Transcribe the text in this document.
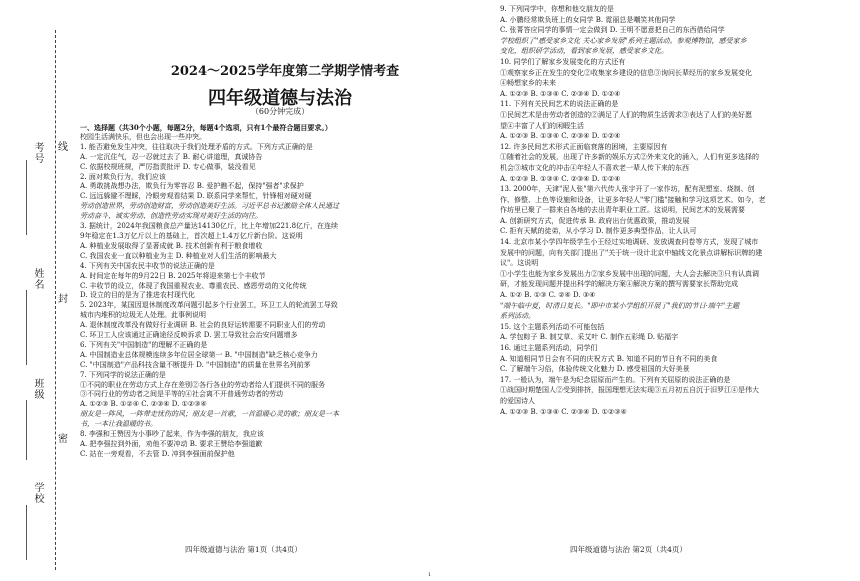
考号
姓名
班级
学校
线
封
密
2024～2025学年度第二学期学情考查
四年级道德与法治
（60分钟完成）

一、选择题（共30个小题，每题2分，每题4个选项，只有1个最符合题目要求。）

校园生活满快乐，但也会出现一些冲突。

1. 能否避免发生冲突，往往取决于我们处理矛盾的方式。下列方式正确的是

A. 一定沉住气，忍一忍就过去了 B. 耐心讲道理，真诚协告

C. 依据校规班规，严厉指责批评 D. 专心做事，装没看见

2. 面对欺负行为，我们应该

A. 勇敢挑战想办法，欺负行为零容忍 B. 爱护瞧不起，保持"强者"求保护

C. 远远躲避不理睬，冷眼旁观看结果 D. 联系同学来帮忙，针锋相对硬对硬

劳动创造世界，劳动创造财富，劳动创造美好生活。习近平总书记激励全体人民通过

劳动奋斗、诚实劳动、创造性劳动实现对美好生活的向往。

3. 据统计，2024年我国粮食总产量达14130亿斤，比上年增加221.8亿斤，在连续

9年稳定在1.3万亿斤以上的基础上，首次超上1.4万亿斤新台阶。这说明

A. 种植业发展取得了显著成就 B. 技术创新有利于粮食增收

C. 我国农业一直以种植业为主 D. 种植业对人们生活的影响最大

4. 下列有关中国农民丰收节的说法正确的是

A. 时间定在每年的9月22日 B. 2025年将迎来第七个丰收节

C. 丰收节的设立，体现了我国重视农业、尊重农民、感恩劳动的文化传统

D. 设立的目的是为了推进农村现代化

5. 2023年，某国因退休制度改革问题引起多个行业罢工，环卫工人的轮流罢工导致

城市内堆积的垃圾无人处理。此事例说明

A. 退休制度改革没有做好行业调研 B. 社会的良好运转需要不同职业人们的劳动

C. 环卫工人应该通过正确途径反映诉求 D. 罢工导致社会治安问题增多

6. 下列有关"中国制造"的理解不正确的是

A. 中国制造业总体规模连续多年位居全球第一 B. "中国制造"缺乏核心竞争力

C. "中国制造"产品科技含量不断提升 D. "中国制造"的质量在世界名列前茅

7. 下列同学的说法正确的是

①不同的职业在劳动方式上存在差别②各行各业的劳动者给人们提供不同的服务

③不同行业的劳动者之间是平等的④社会离不开普通劳动者的劳动

A. ①②③ B. ①②④ C. ②③④ D. ①②③④

朋友是一阵风，一阵带走忧伤的风；朋友是一首歌，一首温暖心灵的歌；朋友是一本

书，一本让我温暖的书。

8. 李强和王赞因为小事吵了起来，作为李强的朋友，我应该

A. 把李强拉到外面，劝他不要冲动 B. 要求王赞给李强道歉

C. 站在一旁观看，不去管 D. 冲到李强面前保护他

四年级道德与法治 第1页（共4页）

9. 下列同学中，你想和他交朋友的是

A. 小鹏经常欺负班上的女同学 B. 霓丽总是嘲笑其他同学

C. 张菁答应同学的事情一定会做到 D. 王明不愿意把自己的东西借给同学

学校组织了"感受家乡文化 关心家乡发展"系列主题活动。参观博物馆，感受家乡

变化，组织研学活动，看到家乡发展，感受家乡文化。

10. 同学们了解家乡发展变化的方式还有

①观察家乡正在发生的变化②收集家乡建设的信息③询问长辈经历的家乡发展变化

④畅想家乡的未来

A. ①②③ B. ①③④ C. ②③④ D. ①②④

11. 下列有关民间艺术的说法正确的是

①民间艺术是由劳动者创造的②满足了人们的物质生活需求③表达了人们的美好愿

望④丰富了人们的闲暇生活

A. ①②③ B. ①③④ C. ②③④ D. ①②④

12. 许多民间艺术形式正面临衰落的困境，主要原因有

①随着社会的发展，出现了许多新的娱乐方式②外来文化的涌入，人们有更多选择的

机会③城市文化的冲击④年轻人不喜欢老一辈人传下来的东西

A. ①②③ B. ①③④ C. ②③④ D. ①②④

13. 2000年，天津"泥人张"第六代传人张宇开了一家作坊，配有泥塑室、烧制、创

作、修整、上色等设施和设备，让更多年轻人"零门槛"接触和学习这项艺术。如今，老

作坊里已聚了一群来自各地的去出青年职业工匠。这说明，民间艺术的发展需要

A. 创新研究方式，促进传承 B. 政府出台优惠政策，推动发展

C. 拒有天赋的徒弟，从小学习 D. 制作更多典型作品，让人认可

14. 北京市某小学四年级学生小王经过实地调研、发放调查问卷等方式，发现了城市

发展中的问题，向有关部门提出了"关于统一设计北京中轴线文化景点讲解标识牌的建

议"。这说明

①小学生也能为家乡发展出力②家乡发展中出现的问题，大人会去解决③只有认真调

研，才能发现问题并提出科学的解决方案④解决方案的撰写需要家长帮助完成

A. ①② B. ①③ C. ②④ D. ③④

"端午临中夏，时清日复长。"即中市某小学组织开展了"我们的节日·端午"主题

系列活动。

15. 这个主题系列活动不可能包括

A. 学包粽子 B. 制艾草、采艾叶 C. 制作五彩绳 D. 贴福字

16. 通过主题系列活动，同学们

A. 知道相同节日会有不同的庆祝方式 B. 知道不同的节日有不同的美食

C. 了解端午习俗，体验传统文化魅力 D. 感受祖国的大好美景

17. 一般认为，端午是为纪念屈原而产生的。下列有关屈原的说法正确的是

①战国时期楚国人②受到排挤，报国理想无法实现③五月初五自沉于汨罗江④是伟大

的爱国诗人

A. ①②③ B. ①③④ C. ②③④ D. ①②③④

四年级道德与法治 第2页（共4页）
1
